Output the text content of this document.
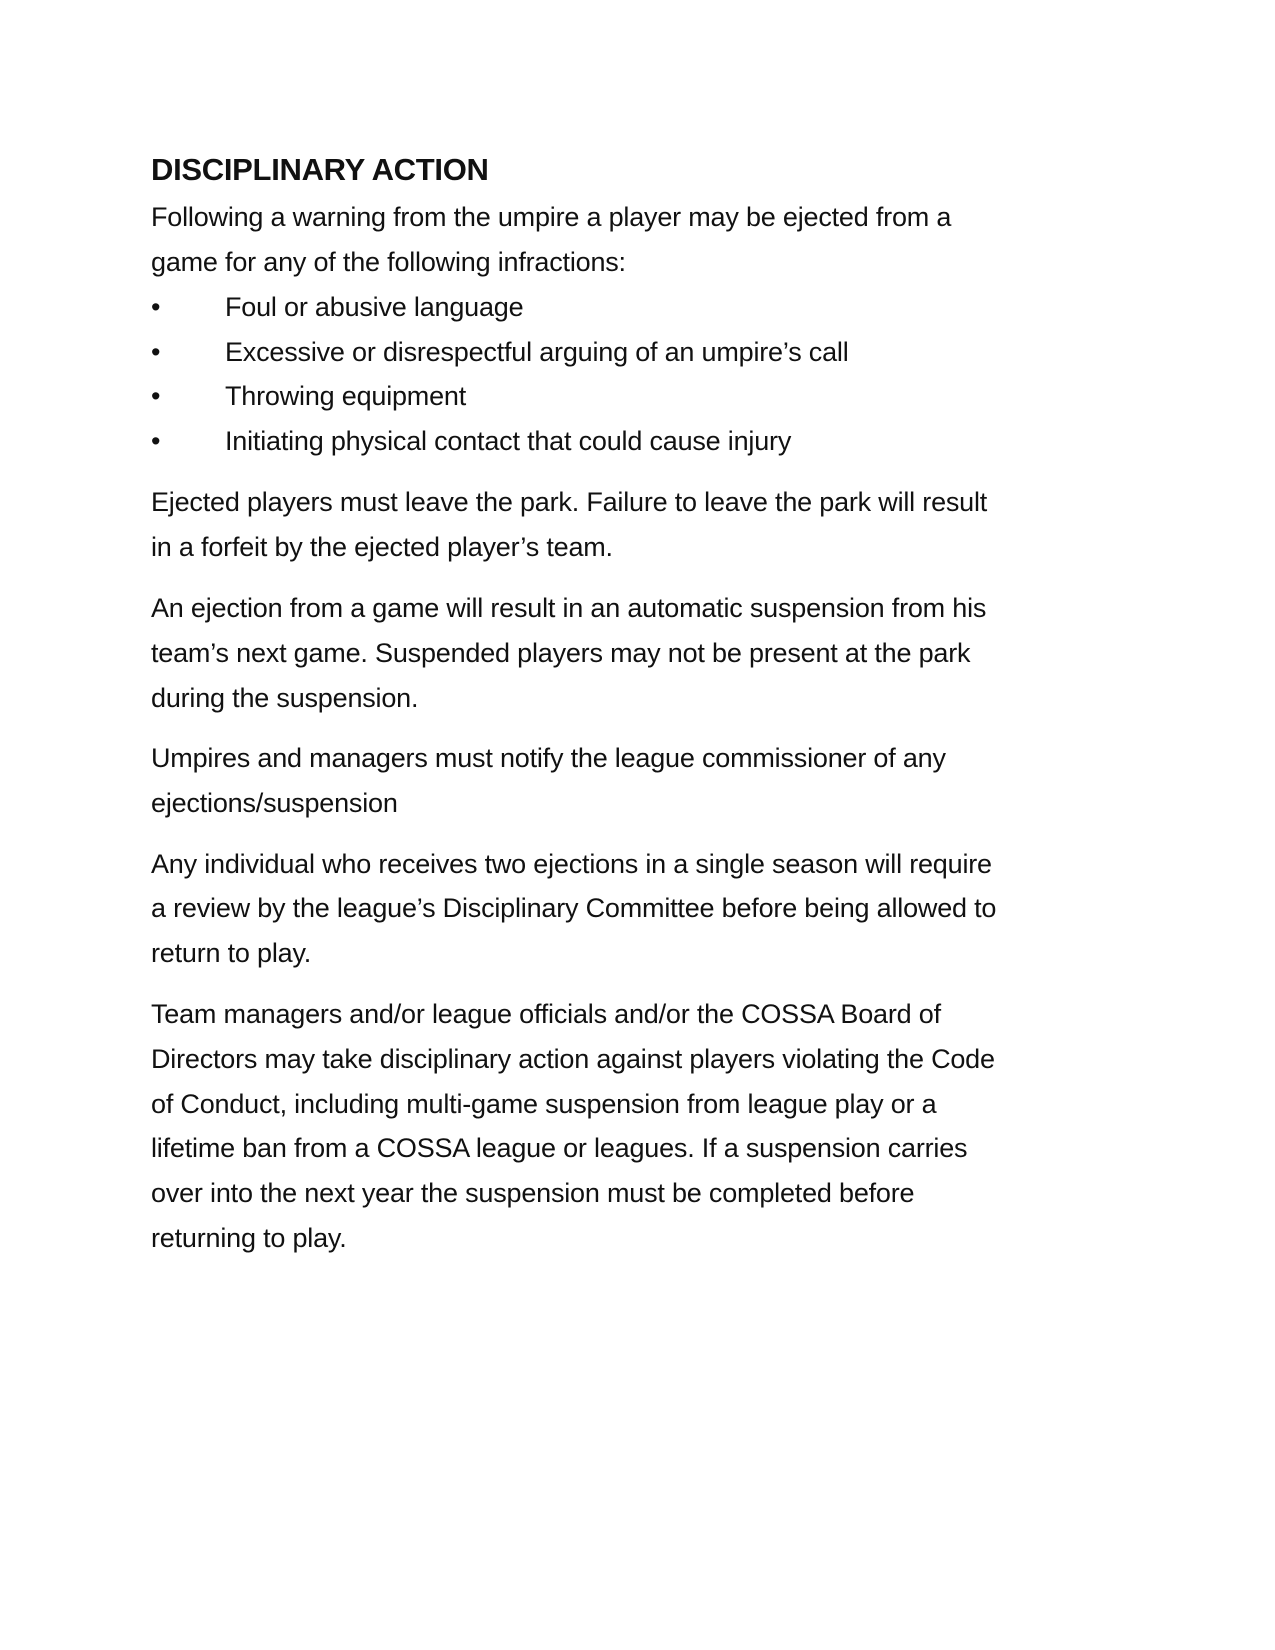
DISCIPLINARY ACTION
Following a warning from the umpire a player may be ejected from a
game for any of the following infractions:
• Foul or abusive language
• Excessive or disrespectful arguing of an umpire’s call
• Throwing equipment
• Initiating physical contact that could cause injury
Ejected players must leave the park. Failure to leave the park will result
in a forfeit by the ejected player’s team.
An ejection from a game will result in an automatic suspension from his
team’s next game. Suspended players may not be present at the park
during the suspension.
Umpires and managers must notify the league commissioner of any
ejections/suspension
Any individual who receives two ejections in a single season will require
a review by the league’s Disciplinary Committee before being allowed to
return to play.
Team managers and/or league officials and/or the COSSA Board of
Directors may take disciplinary action against players violating the Code
of Conduct, including multi-game suspension from league play or a
lifetime ban from a COSSA league or leagues. If a suspension carries
over into the next year the suspension must be completed before
returning to play.
